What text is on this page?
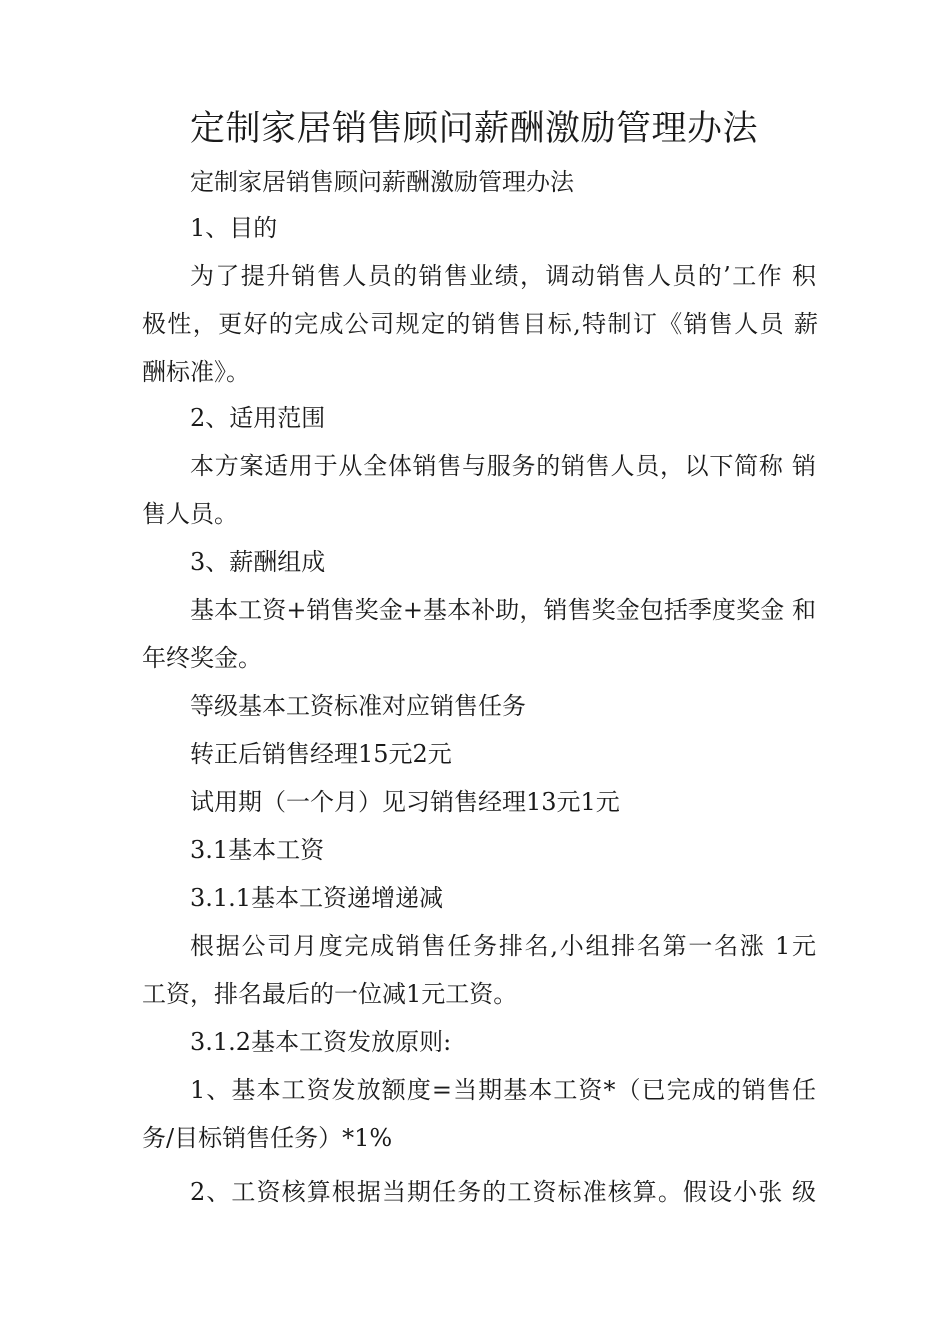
定制家居销售顾问薪酬激励管理办法
定制家居销售顾问薪酬激励管理办法
1、目的
为了提升销售人员的销售业绩，调动销售人员的’工作 积
极性，更好的完成公司规定的销售目标,特制订《销售人员 薪
酬标准》。
2、适用范围
本方案适用于从全体销售与服务的销售人员，以下简称 销
售人员。
3、薪酬组成
基本工资+销售奖金+基本补助，销售奖金包括季度奖金 和
年终奖金。
等级基本工资标准对应销售任务
转正后销售经理15元2元
试用期（一个月）见习销售经理13元1元
3.1基本工资
3.1.1基本工资递增递减
根据公司月度完成销售任务排名,小组排名第一名涨 1元
工资，排名最后的一位减1元工资。
3.1.2基本工资发放原则:
1、基本工资发放额度=当期基本工资*（已完成的销售任
务/目标销售任务）*1%
2、工资核算根据当期任务的工资标准核算。假设小张 级
